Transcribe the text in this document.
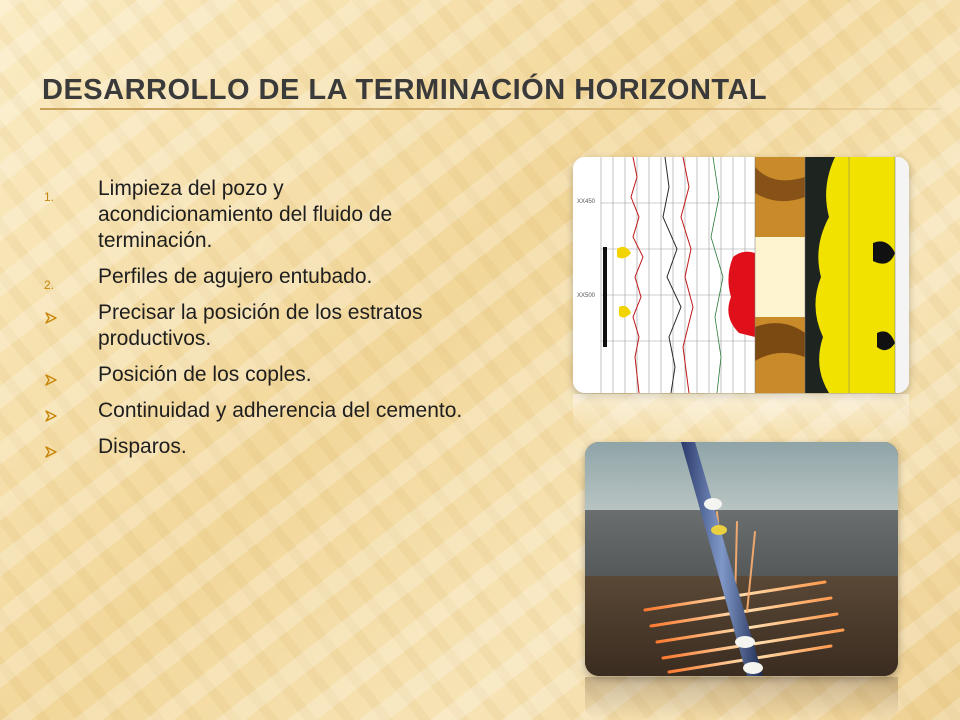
DESARROLLO DE LA TERMINACIÓN HORIZONTAL
1. Limpieza del pozo y acondicionamiento del fluido de terminación.
2. Perfiles de agujero entubado.
Precisar la posición de los estratos productivos.
Posición de los coples.
Continuidad y adherencia del cemento.
Disparos.
XX450
XX500
